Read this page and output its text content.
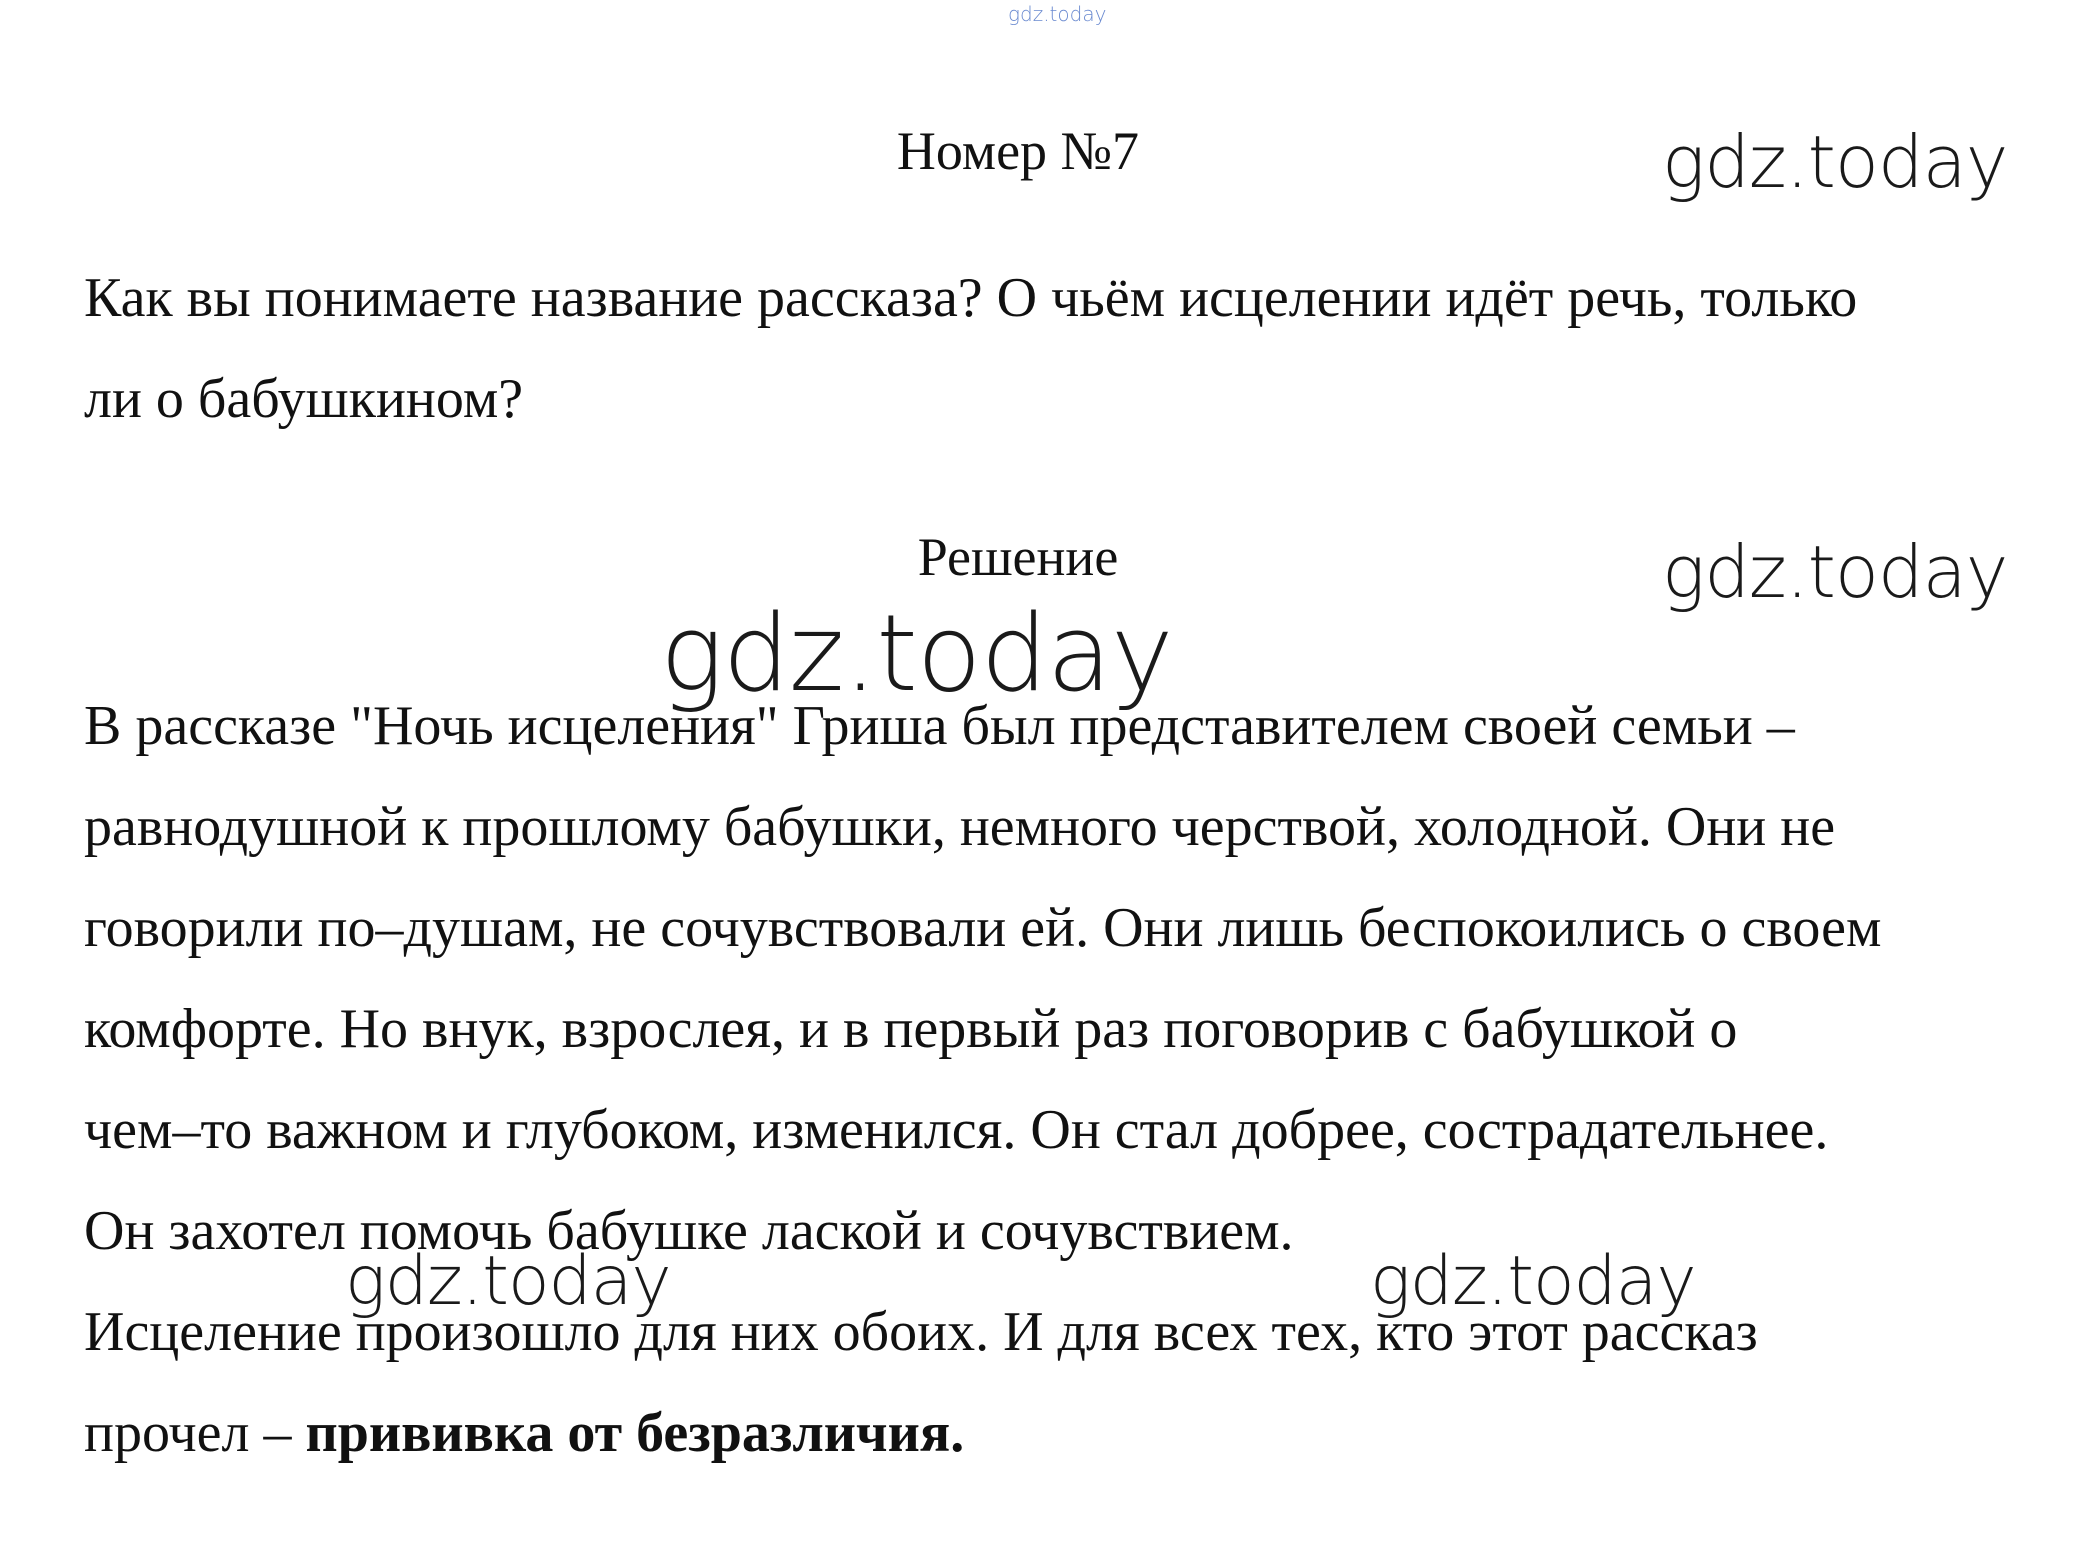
gdz.today
Номер №7	gdz.today
Как вы понимаете название рассказа? О чьём исцелении идёт речь, только
ли о бабушкином?
Решение	gdz.today
gdz.today
В рассказе "Ночь исцеления" Гриша был представителем своей семьи –
равнодушной к прошлому бабушки, немного черствой, холодной. Они не
говорили по–душам, не сочувствовали ей. Они лишь беспокоились о своем
комфорте. Но внук, взрослея, и в первый раз поговорив с бабушкой о
чем–то важном и глубоком, изменился. Он стал добрее, сострадательнее.
Он захотел помочь бабушке лаской и сочувствием.
Исцеление произошло для них обоих. И для всех тех, кто этот рассказ
прочел – прививка от безразличия.
gdz.today	gdz.today
